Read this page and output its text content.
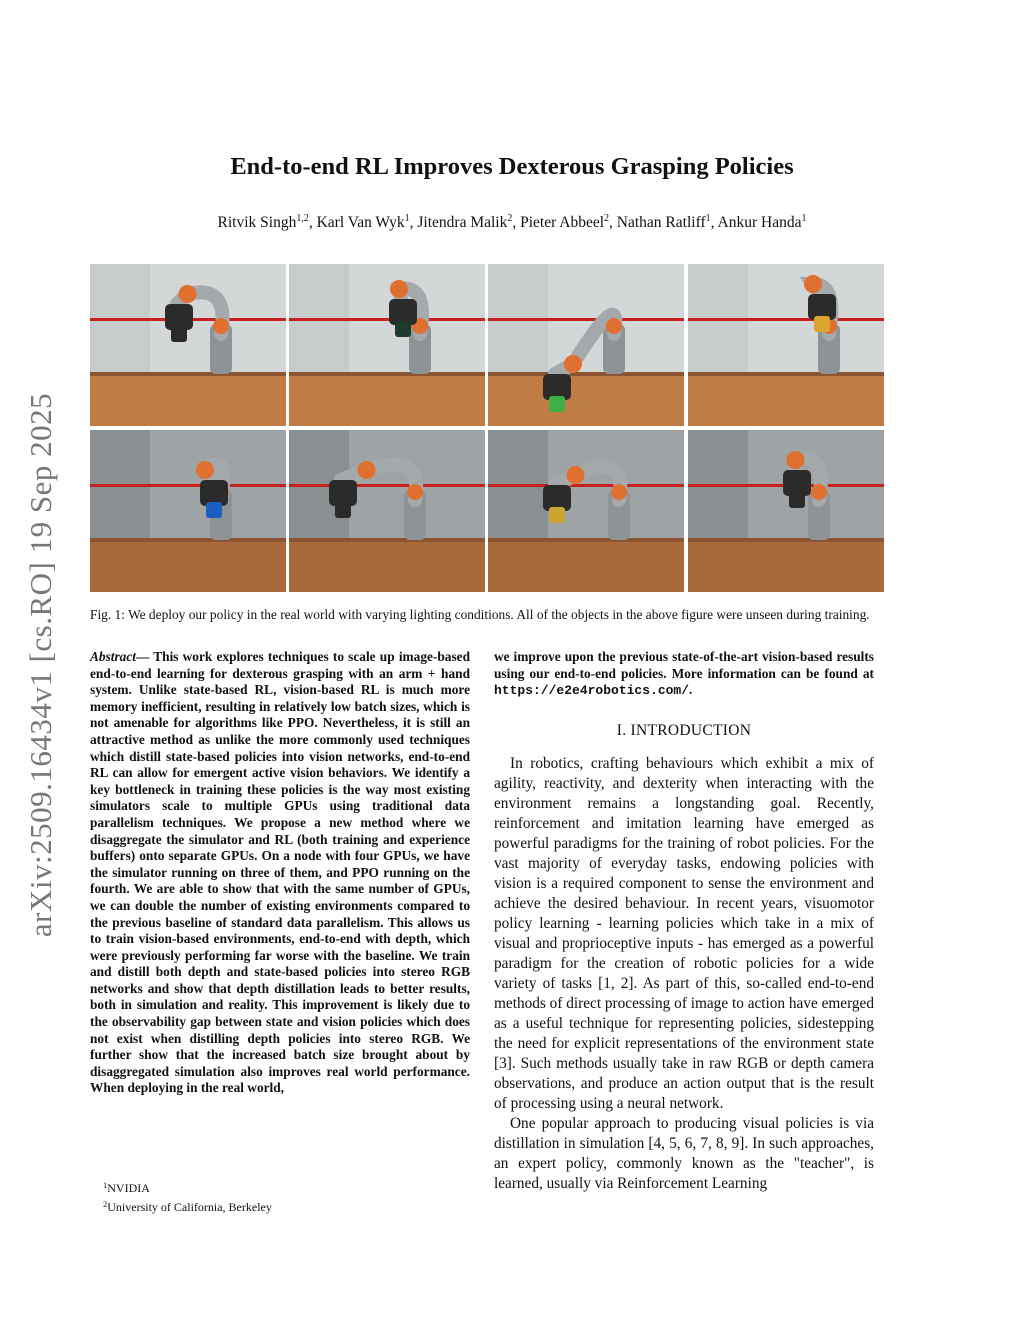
arXiv:2509.16434v1 [cs.RO] 19 Sep 2025
End-to-end RL Improves Dexterous Grasping Policies

Ritvik Singh$^{1,2}$, Karl Van Wyk$^1$, Jitendra Malik$^2$, Pieter Abbeel$^2$, Nathan Ratliff$^1$, Ankur Handa$^1$

Fig. 1: We deploy our policy in the real world with varying lighting conditions. All of the objects in the above figure were unseen during training.

Abstract— This work explores techniques to scale up image-based end-to-end learning for dexterous grasping with an arm + hand system. Unlike state-based RL, vision-based RL is much more memory inefficient, resulting in relatively low batch sizes, which is not amenable for algorithms like PPO. Nevertheless, it is still an attractive method as unlike the more commonly used techniques which distill state-based policies into vision networks, end-to-end RL can allow for emergent active vision behaviors. We identify a key bottleneck in training these policies is the way most existing simulators scale to multiple GPUs using traditional data parallelism techniques. We propose a new method where we disaggregate the simulator and RL (both training and experience buffers) onto separate GPUs. On a node with four GPUs, we have the simulator running on three of them, and PPO running on the fourth. We are able to show that with the same number of GPUs, we can double the number of existing environments compared to the previous baseline of standard data parallelism. This allows us to train vision-based environments, end-to-end with depth, which were previously performing far worse with the baseline. We train and distill both depth and state-based policies into stereo RGB networks and show that depth distillation leads to better results, both in simulation and reality. This improvement is likely due to the observability gap between state and vision policies which does not exist when distilling depth policies into stereo RGB. We further show that the increased batch size brought about by disaggregated simulation also improves real world performance. When deploying in the real world,

$^1$NVIDIA
$^2$University of California, Berkeley

we improve upon the previous state-of-the-art vision-based results using our end-to-end policies. More information can be found at https://e2e4robotics.com/.

I. INTRODUCTION

In robotics, crafting behaviours which exhibit a mix of agility, reactivity, and dexterity when interacting with the environment remains a longstanding goal. Recently, reinforcement and imitation learning have emerged as powerful paradigms for the training of robot policies. For the vast majority of everyday tasks, endowing policies with vision is a required component to sense the environment and achieve the desired behaviour. In recent years, visuomotor policy learning - learning policies which take in a mix of visual and proprioceptive inputs - has emerged as a powerful paradigm for the creation of robotic policies for a wide variety of tasks [1, 2]. As part of this, so-called end-to-end methods of direct processing of image to action have emerged as a useful technique for representing policies, sidestepping the need for explicit representations of the environment state [3]. Such methods usually take in raw RGB or depth camera observations, and produce an action output that is the result of processing using a neural network.

One popular approach to producing visual policies is via distillation in simulation [4, 5, 6, 7, 8, 9]. In such approaches, an expert policy, commonly known as the "teacher", is learned, usually via Reinforcement Learning
